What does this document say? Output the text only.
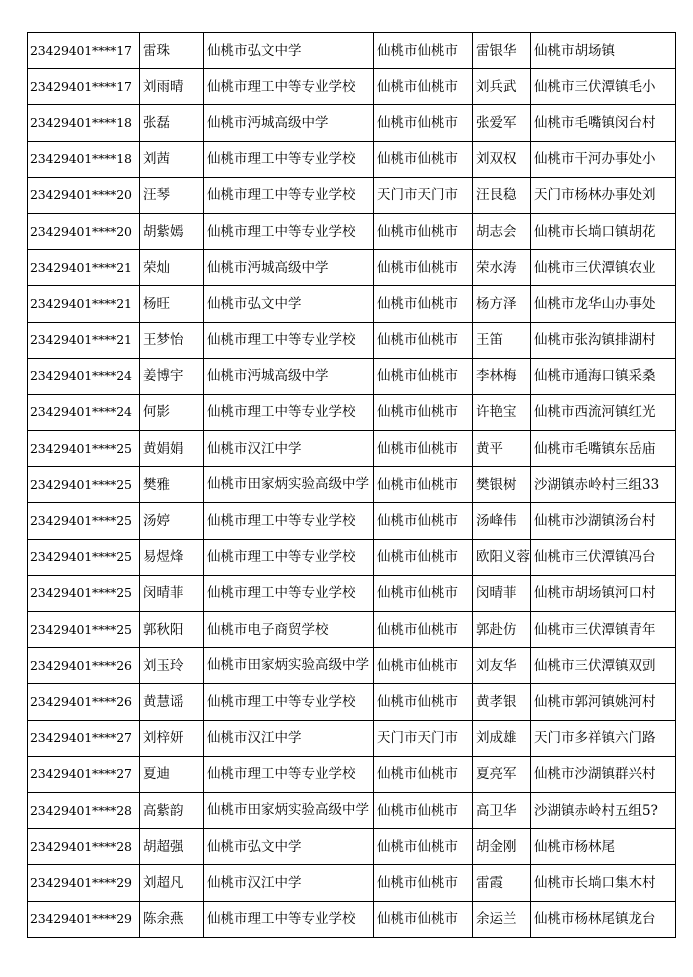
23429401****17	雷珠	仙桃市弘文中学	仙桃市仙桃市	雷银华	仙桃市胡场镇
23429401****17	刘雨晴	仙桃市理工中等专业学校	仙桃市仙桃市	刘兵武	仙桃市三伏潭镇毛小
23429401****18	张磊	仙桃市沔城高级中学	仙桃市仙桃市	张爱军	仙桃市毛嘴镇闵台村
23429401****18	刘茜	仙桃市理工中等专业学校	仙桃市仙桃市	刘双权	仙桃市干河办事处小
23429401****20	汪琴	仙桃市理工中等专业学校	天门市天门市	汪艮稳	天门市杨林办事处刘
23429401****20	胡紫嫣	仙桃市理工中等专业学校	仙桃市仙桃市	胡志会	仙桃市长埫口镇胡花
23429401****21	荣灿	仙桃市沔城高级中学	仙桃市仙桃市	荣水涛	仙桃市三伏潭镇农业
23429401****21	杨旺	仙桃市弘文中学	仙桃市仙桃市	杨方泽	仙桃市龙华山办事处
23429401****21	王梦怡	仙桃市理工中等专业学校	仙桃市仙桃市	王笛	仙桃市张沟镇排湖村
23429401****24	姜博宇	仙桃市沔城高级中学	仙桃市仙桃市	李林梅	仙桃市通海口镇采桑
23429401****24	何影	仙桃市理工中等专业学校	仙桃市仙桃市	许艳宝	仙桃市西流河镇红光
23429401****25	黄娟娟	仙桃市汉江中学	仙桃市仙桃市	黄平	仙桃市毛嘴镇东岳庙
23429401****25	樊雅	仙桃市田家炳实验高级中学	仙桃市仙桃市	樊银树	沙湖镇赤岭村三组33
23429401****25	汤婷	仙桃市理工中等专业学校	仙桃市仙桃市	汤峰伟	仙桃市沙湖镇汤台村
23429401****25	易煜烽	仙桃市理工中等专业学校	仙桃市仙桃市	欧阳义蓉	仙桃市三伏潭镇冯台
23429401****25	闵晴菲	仙桃市理工中等专业学校	仙桃市仙桃市	闵晴菲	仙桃市胡场镇河口村
23429401****25	郭秋阳	仙桃市电子商贸学校	仙桃市仙桃市	郭赴仿	仙桃市三伏潭镇青年
23429401****26	刘玉玲	仙桃市田家炳实验高级中学	仙桃市仙桃市	刘友华	仙桃市三伏潭镇双剅
23429401****26	黄慧谣	仙桃市理工中等专业学校	仙桃市仙桃市	黄孝银	仙桃市郭河镇姚河村
23429401****27	刘梓妍	仙桃市汉江中学	天门市天门市	刘成雄	天门市多祥镇六门路
23429401****27	夏迪	仙桃市理工中等专业学校	仙桃市仙桃市	夏亮军	仙桃市沙湖镇群兴村
23429401****28	高紫韵	仙桃市田家炳实验高级中学	仙桃市仙桃市	高卫华	沙湖镇赤岭村五组5?
23429401****28	胡超强	仙桃市弘文中学	仙桃市仙桃市	胡金刚	仙桃市杨林尾
23429401****29	刘超凡	仙桃市汉江中学	仙桃市仙桃市	雷霞	仙桃市长埫口集木村
23429401****29	陈余燕	仙桃市理工中等专业学校	仙桃市仙桃市	余运兰	仙桃市杨林尾镇龙台
